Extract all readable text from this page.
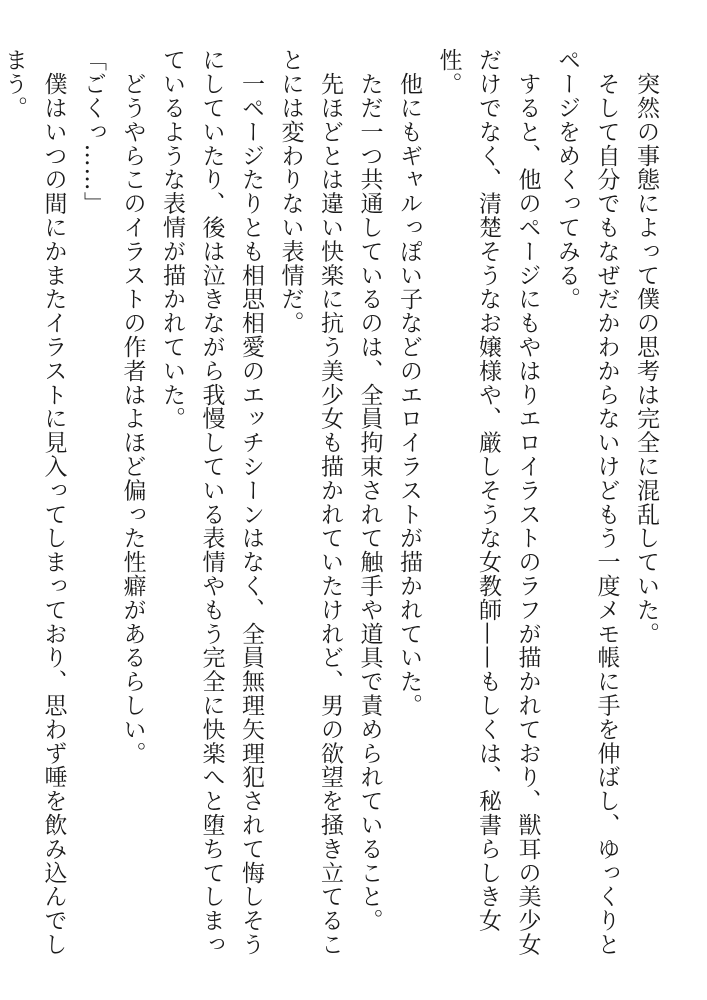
　突然の事態によって僕の思考は完全に混乱していた。

　そして自分でもなぜだかわからないけどもう一度メモ帳に手を伸ばし、ゆっくりとページをめくってみる。

　すると、他のページにもやはりエロイラストのラフが描かれており、獣耳の美少女だけでなく、清楚そうなお嬢様や、厳しそうな女教師——もしくは、秘書らしき女性。

　他にもギャルっぽい子などのエロイラストが描かれていた。

　ただ一つ共通しているのは、全員拘束されて触手や道具で責められていること。

　先ほどとは違い快楽に抗う美少女も描かれていたけれど、男の欲望を掻き立てることには変わりない表情だ。

　一ページたりとも相思相愛のエッチシーンはなく、全員無理矢理犯されて悔しそうにしていたり、後は泣きながら我慢している表情やもう完全に快楽へと堕ちてしまっているような表情が描かれていた。

　どうやらこのイラストの作者はよほど偏った性癖があるらしい。

「ごくっ……」

　僕はいつの間にかまたイラストに見入ってしまっており、思わず唾を飲み込んでしまう。
